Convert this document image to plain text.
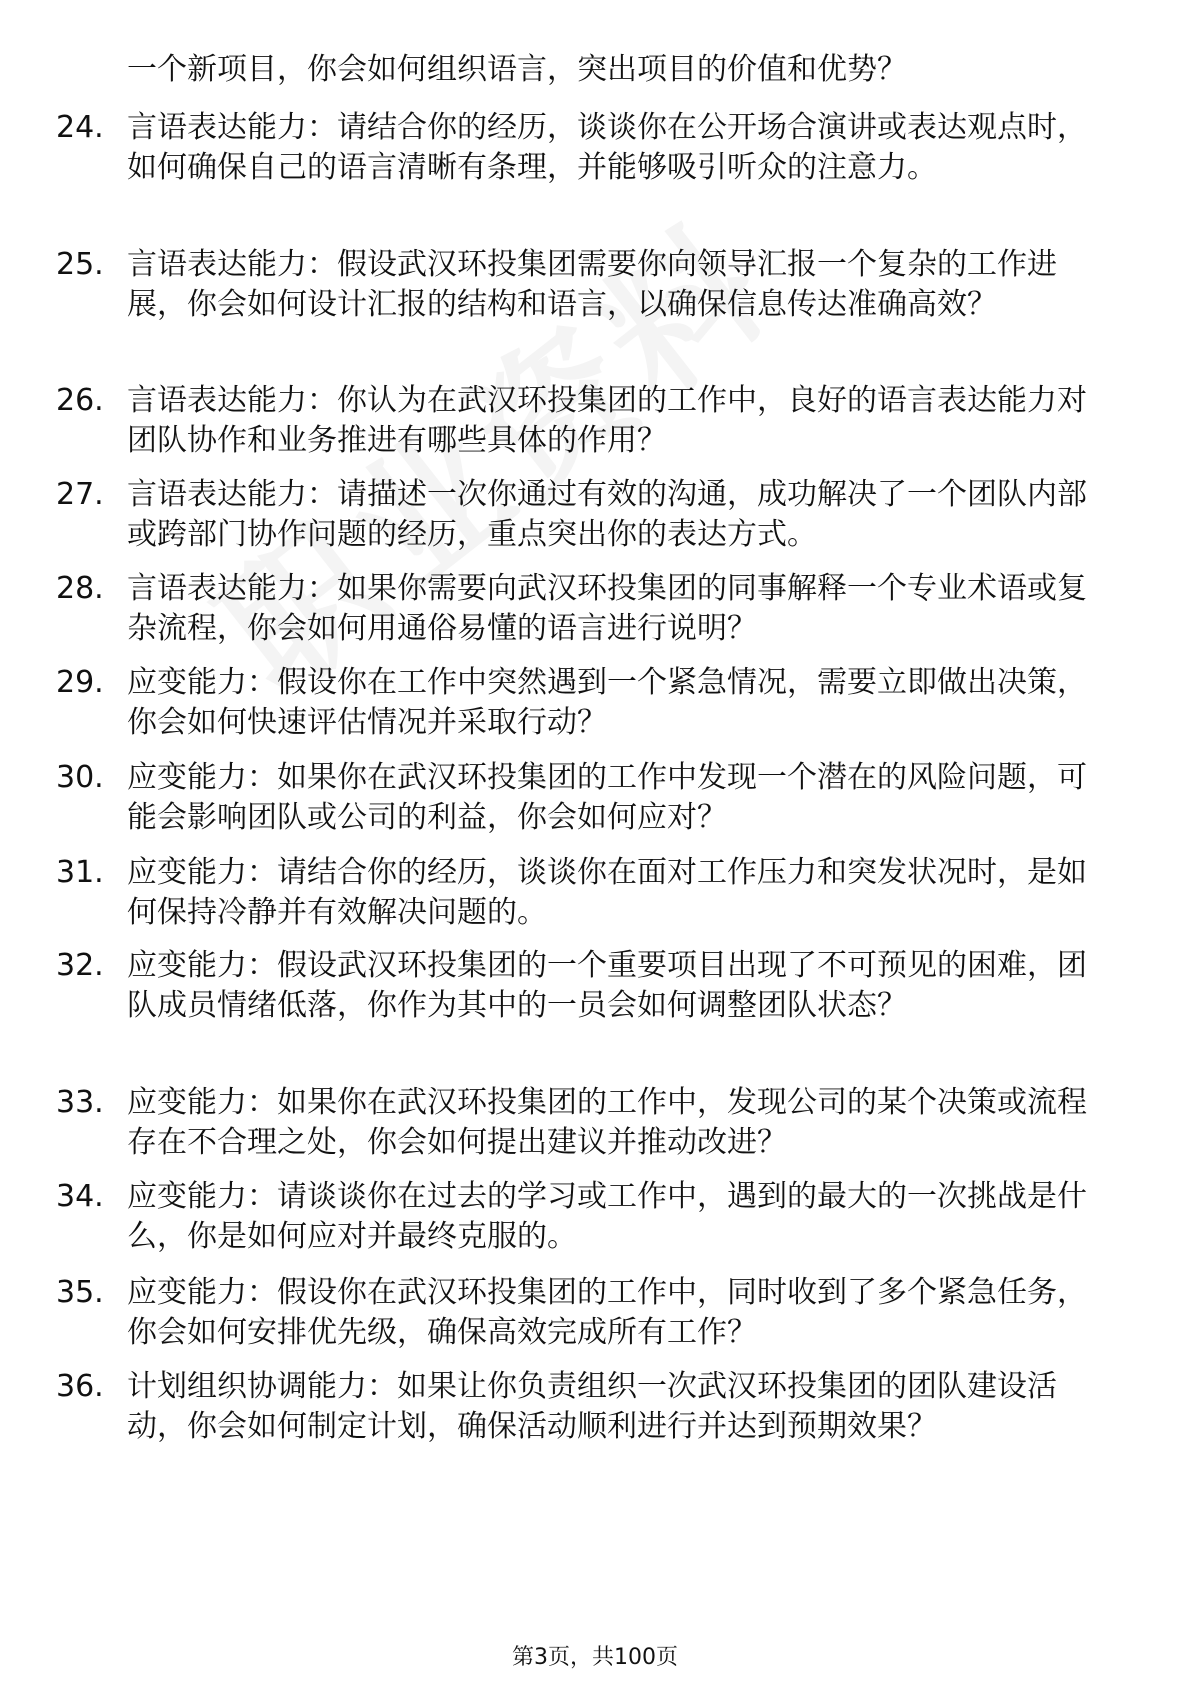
一个新项目，你会如何组织语言，突出项目的价值和优势？
24. 言语表达能力：请结合你的经历，谈谈你在公开场合演讲或表达观点时，如何确保自己的语言清晰有条理，并能够吸引听众的注意力。
25. 言语表达能力：假设武汉环投集团需要你向领导汇报一个复杂的工作进展，你会如何设计汇报的结构和语言，以确保信息传达准确高效？
26. 言语表达能力：你认为在武汉环投集团的工作中，良好的语言表达能力对团队协作和业务推进有哪些具体的作用？
27. 言语表达能力：请描述一次你通过有效的沟通，成功解决了一个团队内部或跨部门协作问题的经历，重点突出你的表达方式。
28. 言语表达能力：如果你需要向武汉环投集团的同事解释一个专业术语或复杂流程，你会如何用通俗易懂的语言进行说明？
29. 应变能力：假设你在工作中突然遇到一个紧急情况，需要立即做出决策，你会如何快速评估情况并采取行动？
30. 应变能力：如果你在武汉环投集团的工作中发现一个潜在的风险问题，可能会影响团队或公司的利益，你会如何应对？
31. 应变能力：请结合你的经历，谈谈你在面对工作压力和突发状况时，是如何保持冷静并有效解决问题的。
32. 应变能力：假设武汉环投集团的一个重要项目出现了不可预见的困难，团队成员情绪低落，你作为其中的一员会如何调整团队状态？
33. 应变能力：如果你在武汉环投集团的工作中，发现公司的某个决策或流程存在不合理之处，你会如何提出建议并推动改进？
34. 应变能力：请谈谈你在过去的学习或工作中，遇到的最大的一次挑战是什么，你是如何应对并最终克服的。
35. 应变能力：假设你在武汉环投集团的工作中，同时收到了多个紧急任务，你会如何安排优先级，确保高效完成所有工作？
36. 计划组织协调能力：如果让你负责组织一次武汉环投集团的团队建设活动，你会如何制定计划，确保活动顺利进行并达到预期效果？
第3页，共100页
